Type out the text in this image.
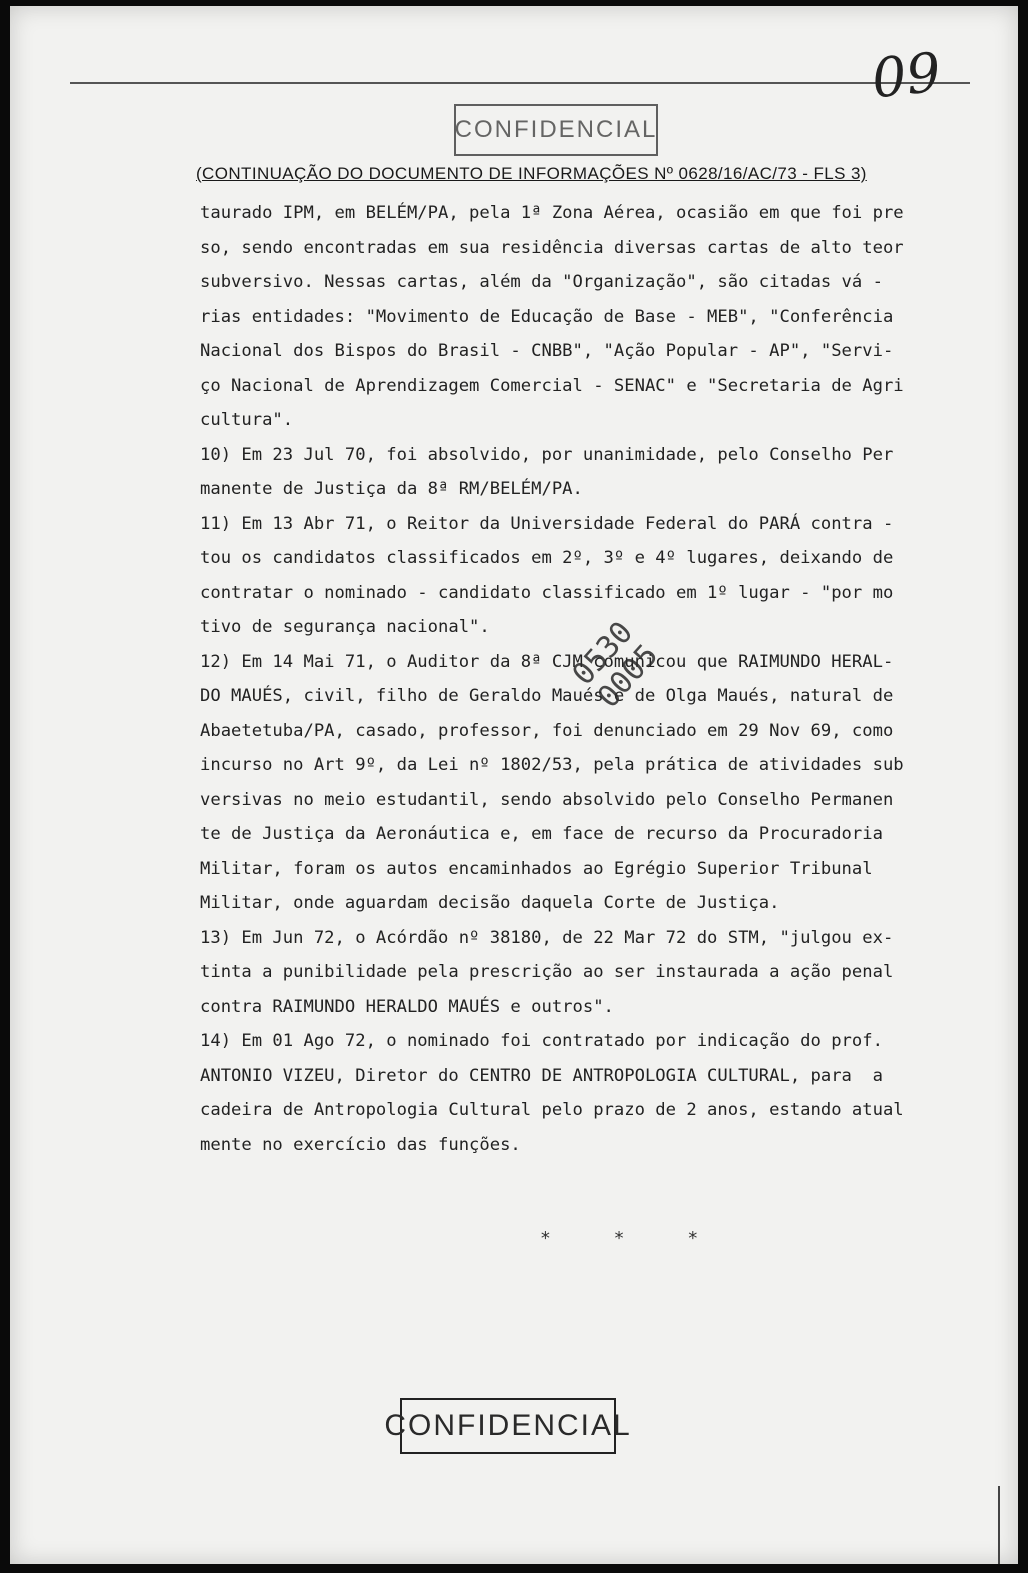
09
CONFIDENCIAL
(CONTINUAÇÃO DO DOCUMENTO DE INFORMAÇÕES Nº 0628/16/AC/73 - FLS 3)
taurado IPM, em BELÉM/PA, pela 1ª Zona Aérea, ocasião em que foi pre
so, sendo encontradas em sua residência diversas cartas de alto teor
subversivo. Nessas cartas, além da "Organização", são citadas vá -
rias entidades: "Movimento de Educação de Base - MEB", "Conferência
Nacional dos Bispos do Brasil - CNBB", "Ação Popular - AP", "Servi-
ço Nacional de Aprendizagem Comercial - SENAC" e "Secretaria de Agri
cultura".
10) Em 23 Jul 70, foi absolvido, por unanimidade, pelo Conselho Per
manente de Justiça da 8ª RM/BELÉM/PA.
11) Em 13 Abr 71, o Reitor da Universidade Federal do PARÁ contra -
tou os candidatos classificados em 2º, 3º e 4º lugares, deixando de
contratar o nominado - candidato classificado em 1º lugar - "por mo
tivo de segurança nacional".
12) Em 14 Mai 71, o Auditor da 8ª CJM comunicou que RAIMUNDO HERAL-
DO MAUÉS, civil, filho de Geraldo Maués e de Olga Maués, natural de
Abaetetuba/PA, casado, professor, foi denunciado em 29 Nov 69, como
incurso no Art 9º, da Lei nº 1802/53, pela prática de atividades sub
versivas no meio estudantil, sendo absolvido pelo Conselho Permanen
te de Justiça da Aeronáutica e, em face de recurso da Procuradoria
Militar, foram os autos encaminhados ao Egrégio Superior Tribunal
Militar, onde aguardam decisão daquela Corte de Justiça.
13) Em Jun 72, o Acórdão nº 38180, de 22 Mar 72 do STM, "julgou ex-
tinta a punibilidade pela prescrição ao ser instaurada a ação penal
contra RAIMUNDO HERALDO MAUÉS e outros".
14) Em 01 Ago 72, o nominado foi contratado por indicação do prof.
ANTONIO VIZEU, Diretor do CENTRO DE ANTROPOLOGIA CULTURAL, para  a
cadeira de Antropologia Cultural pelo prazo de 2 anos, estando atual
mente no exercício das funções.
0530 0005
* * *
CONFIDENCIAL
